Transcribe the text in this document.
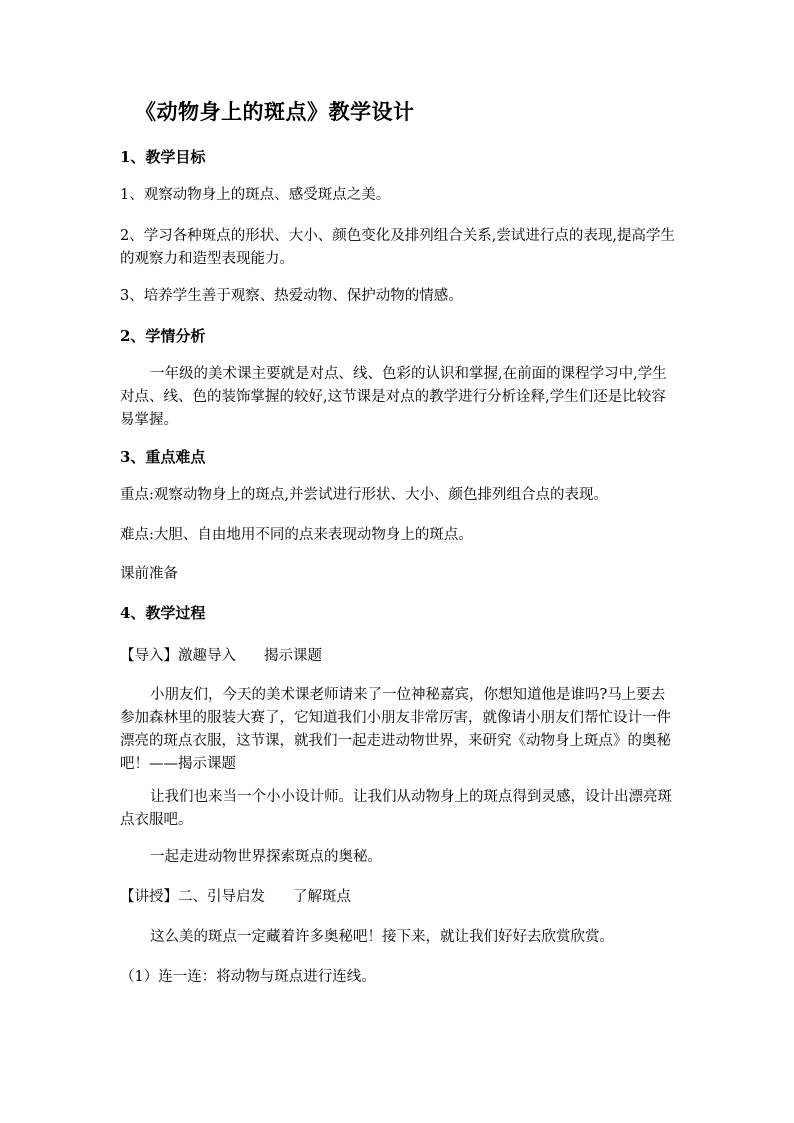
《动物身上的斑点》教学设计
1、教学目标
1、观察动物身上的斑点、感受斑点之美。
2、学习各种斑点的形状、大小、颜色变化及排列组合关系,尝试进行点的表现,提高学生的观察力和造型表现能力。
3、培养学生善于观察、热爱动物、保护动物的情感。
2、学情分析
一年级的美术课主要就是对点、线、色彩的认识和掌握,在前面的课程学习中,学生对点、线、色的装饰掌握的较好,这节课是对点的教学进行分析诠释,学生们还是比较容易掌握。
3、重点难点
重点:观察动物身上的斑点,并尝试进行形状、大小、颜色排列组合点的表现。
难点:大胆、自由地用不同的点来表现动物身上的斑点。
课前准备
4、教学过程
【导入】激趣导入 揭示课题
小朋友们，今天的美术课老师请来了一位神秘嘉宾，你想知道他是谁吗?马上要去参加森林里的服装大赛了，它知道我们小朋友非常厉害，就像请小朋友们帮忙设计一件漂亮的斑点衣服，这节课，就我们一起走进动物世界，来研究《动物身上斑点》的奥秘吧！——揭示课题
让我们也来当一个小小设计师。让我们从动物身上的斑点得到灵感，设计出漂亮斑点衣服吧。
一起走进动物世界探索斑点的奥秘。
【讲授】二、引导启发 了解斑点
这么美的斑点一定藏着许多奥秘吧！接下来，就让我们好好去欣赏欣赏。
（1）连一连：将动物与斑点进行连线。
